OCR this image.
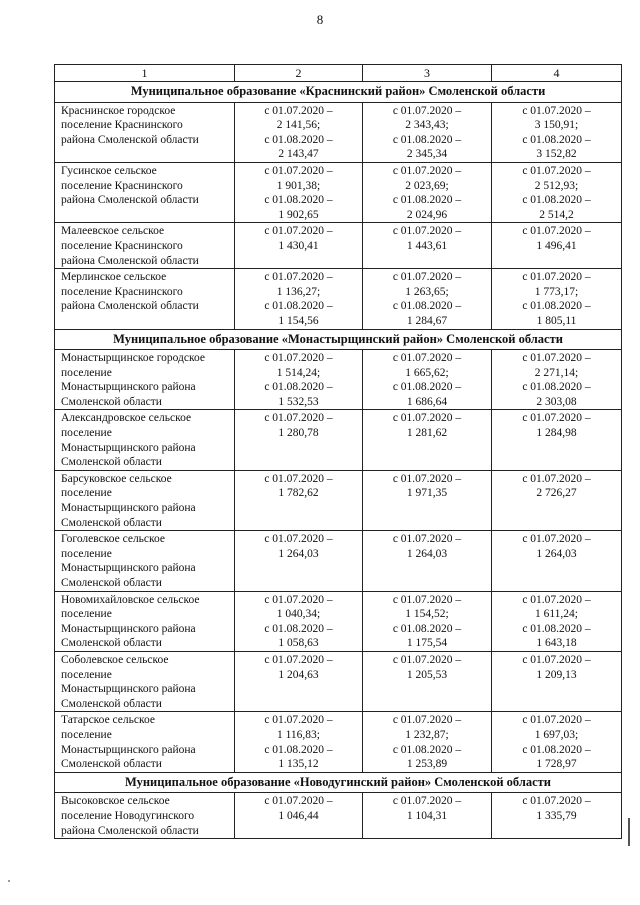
8
1	2	3	4
Муниципальное образование «Краснинский район» Смоленской области			

Краснинское городское
поселение Краснинского
района Смоленской области	с 01.07.2020 –
2 141,56;
с 01.08.2020 –
2 143,47	с 01.07.2020 –
2 343,43;
с 01.08.2020 –
2 345,34	с 01.07.2020 –
3 150,91;
с 01.08.2020 –
3 152,82

Гусинское сельское
поселение Краснинского
района Смоленской области	с 01.07.2020 –
1 901,38;
с 01.08.2020 –
1 902,65	с 01.07.2020 –
2 023,69;
с 01.08.2020 –
2 024,96	с 01.07.2020 –
2 512,93;
с 01.08.2020 –
2 514,2

Малеевское сельское
поселение Краснинского
района Смоленской области	с 01.07.2020 –
1 430,41	с 01.07.2020 –
1 443,61	с 01.07.2020 –
1 496,41

Мерлинское сельское
поселение Краснинского
района Смоленской области	с 01.07.2020 –
1 136,27;
с 01.08.2020 –
1 154,56	с 01.07.2020 –
1 263,65;
с 01.08.2020 –
1 284,67	с 01.07.2020 –
1 773,17;
с 01.08.2020 –
1 805,11

Муниципальное образование «Монастырщинский район» Смоленской области			

Монастырщинское городское
поселение
Монастырщинского района
Смоленской области	с 01.07.2020 –
1 514,24;
с 01.08.2020 –
1 532,53	с 01.07.2020 –
1 665,62;
с 01.08.2020 –
1 686,64	с 01.07.2020 –
2 271,14;
с 01.08.2020 –
2 303,08

Александровское сельское
поселение
Монастырщинского района
Смоленской области	с 01.07.2020 –
1 280,78	с 01.07.2020 –
1 281,62	с 01.07.2020 –
1 284,98

Барсуковское сельское
поселение
Монастырщинского района
Смоленской области	с 01.07.2020 –
1 782,62	с 01.07.2020 –
1 971,35	с 01.07.2020 –
2 726,27

Гоголевское сельское
поселение
Монастырщинского района
Смоленской области	с 01.07.2020 –
1 264,03	с 01.07.2020 –
1 264,03	с 01.07.2020 –
1 264,03

Новомихайловское сельское
поселение
Монастырщинского района
Смоленской области	с 01.07.2020 –
1 040,34;
с 01.08.2020 –
1 058,63	с 01.07.2020 –
1 154,52;
с 01.08.2020 –
1 175,54	с 01.07.2020 –
1 611,24;
с 01.08.2020 –
1 643,18

Соболевское сельское
поселение
Монастырщинского района
Смоленской области	с 01.07.2020 –
1 204,63	с 01.07.2020 –
1 205,53	с 01.07.2020 –
1 209,13

Татарское сельское
поселение
Монастырщинского района
Смоленской области	с 01.07.2020 –
1 116,83;
с 01.08.2020 –
1 135,12	с 01.07.2020 –
1 232,87;
с 01.08.2020 –
1 253,89	с 01.07.2020 –
1 697,03;
с 01.08.2020 –
1 728,97

Муниципальное образование «Новодугинский район» Смоленской области			

Высоковское сельское
поселение Новодугинского
района Смоленской области	с 01.07.2020 –
1 046,44	с 01.07.2020 –
1 104,31	с 01.07.2020 –
1 335,79
